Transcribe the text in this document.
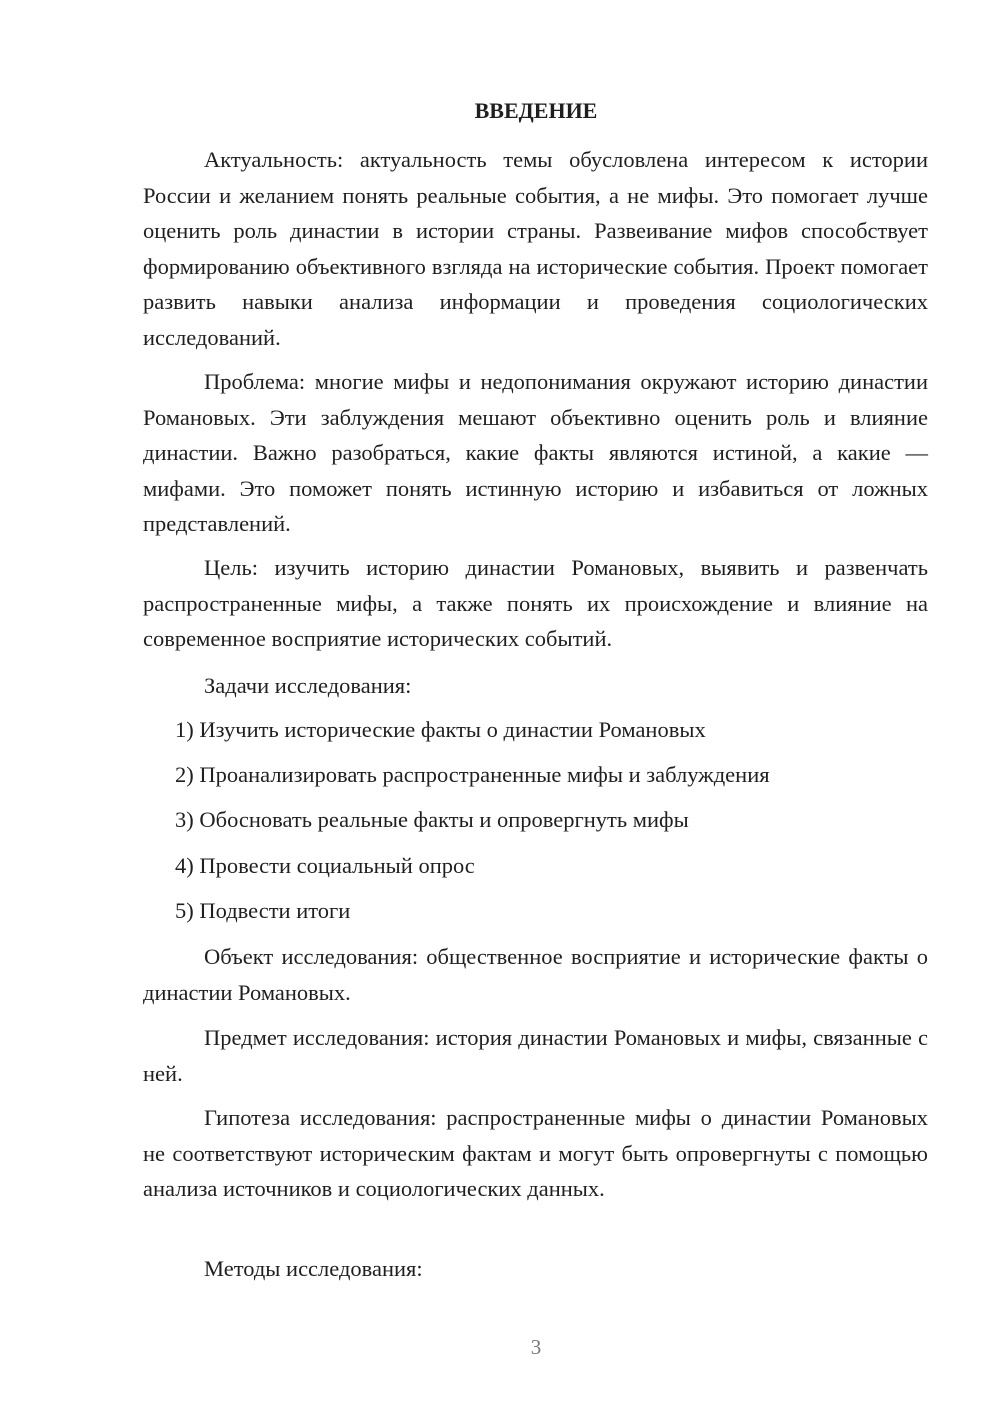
ВВЕДЕНИЕ

Актуальность: актуальность темы обусловлена интересом к истории России и желанием понять реальные события, а не мифы. Это помогает лучше оценить роль династии в истории страны. Развеивание мифов способствует формированию объективного взгляда на исторические события. Проект помогает развить навыки анализа информации и проведения социологических исследований.

Проблема: многие мифы и недопонимания окружают историю династии Романовых. Эти заблуждения мешают объективно оценить роль и влияние династии. Важно разобраться, какие факты являются истиной, а какие — мифами. Это поможет понять истинную историю и избавиться от ложных представлений.

Цель: изучить историю династии Романовых, выявить и развенчать распространенные мифы, а также понять их происхождение и влияние на современное восприятие исторических событий.

Задачи исследования:

1) Изучить исторические факты о династии Романовых

2) Проанализировать распространенные мифы и заблуждения

3) Обосновать реальные факты и опровергнуть мифы

4) Провести социальный опрос

5) Подвести итоги

Объект исследования: общественное восприятие и исторические факты о династии Романовых.

Предмет исследования: история династии Романовых и мифы, связанные с ней.

Гипотеза исследования: распространенные мифы о династии Романовых не соответствуют историческим фактам и могут быть опровергнуты с помощью анализа источников и социологических данных.

Методы исследования:

3
